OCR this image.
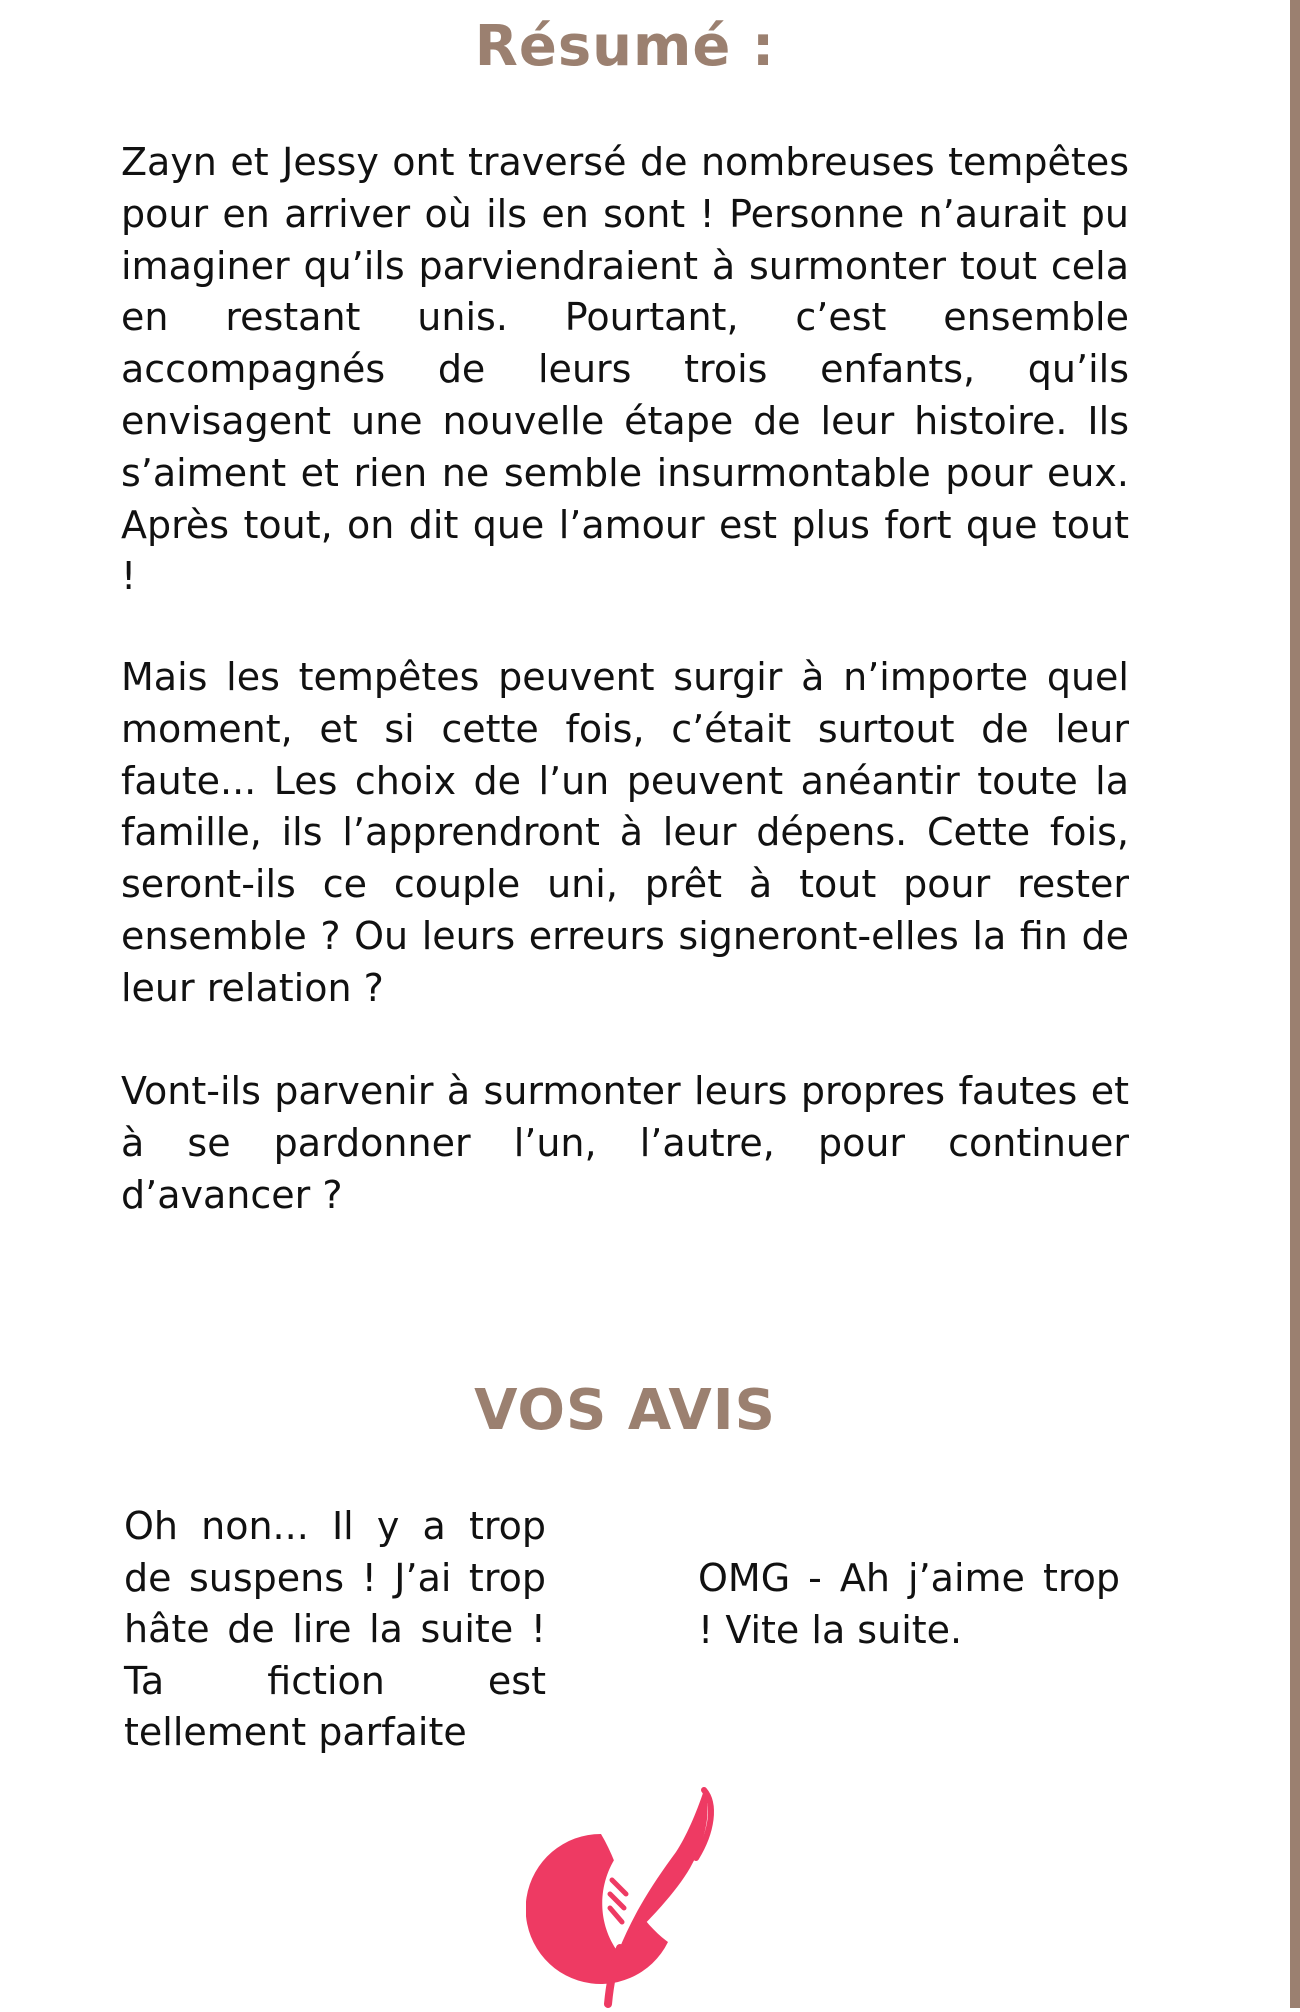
Résumé :

Zayn et Jessy ont traversé de nombreuses tempêtes pour en arriver où ils en sont ! Personne n’aurait pu imaginer qu’ils parviendraient à surmonter tout cela en restant unis. Pourtant, c’est ensemble accompagnés de leurs trois enfants, qu’ils envisagent une nouvelle étape de leur histoire. Ils s’aiment et rien ne semble insurmontable pour eux. Après tout, on dit que l’amour est plus fort que tout !

Mais les tempêtes peuvent surgir à n’importe quel moment, et si cette fois, c’était surtout de leur faute... Les choix de l’un peuvent anéantir toute la famille, ils l’apprendront à leur dépens. Cette fois, seront-ils ce couple uni, prêt à tout pour rester ensemble ? Ou leurs erreurs signeront-elles la fin de leur relation ?

Vont-ils parvenir à surmonter leurs propres fautes et à se pardonner l’un, l’autre, pour continuer d’avancer ?

VOS AVIS

Oh non... Il y a trop de suspens ! J’ai trop hâte de lire la suite ! Ta fiction est tellement parfaite

OMG - Ah j’aime trop ! Vite la suite.
